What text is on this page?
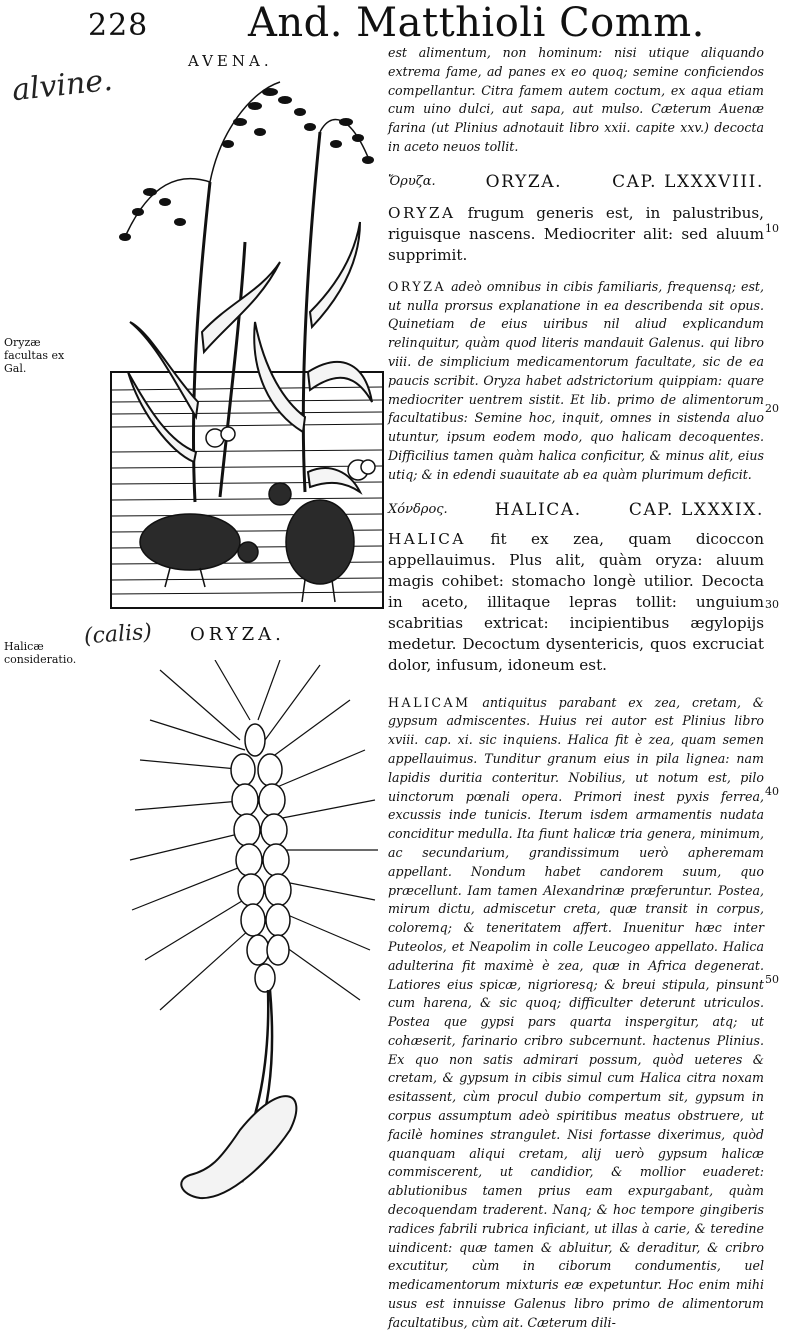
228 And. Matthioli Comm.
alvine.
(calis)
AVENA.
ORYZA.
Oryzæ facultas ex Gal.
Halicæ consideratio.
10
20
30
40
50

est alimentum, non hominum: nisi utique aliquando extrema fame, ad panes ex eo quoq; semine conficiendos compellantur. Citra famem autem coctum, ex aqua etiam cum uino dulci, aut sapa, aut mulso. Cæterum Auenæ farina (ut Plinius adnotauit libro xxii. capite xxv.) decocta in aceto neuos tollit.

Ὄρυζα.	ORYZA.	CAP. LXXXVIII.

ORYZA frugum generis est, in palustribus, riguisque nascens. Mediocriter alit: sed aluum supprimit.

ORYZA adeò omnibus in cibis familiaris, frequensq; est, ut nulla prorsus explanatione in ea describenda sit opus. Quinetiam de eius uiribus nil aliud explicandum relinquitur, quàm quod literis mandauit Galenus. qui libro viii. de simplicium medicamentorum facultate, sic de ea paucis scribit. Oryza habet adstrictorium quippiam: quare mediocriter uentrem sistit. Et lib. primo de alimentorum facultatibus: Semine hoc, inquit, omnes in sistenda aluo utuntur, ipsum eodem modo, quo halicam decoquentes. Difficilius tamen quàm halica conficitur, & minus alit, eius utiq; & in edendi suauitate ab ea quàm plurimum deficit.

Χόνδρος.	HALICA.	CAP. LXXXIX.

HALICA fit ex zea, quam dicoccon appellauimus. Plus alit, quàm oryza: aluum magis cohibet: stomacho longè utilior. Decocta in aceto, illitaque lepras tollit: unguium scabritias extricat: incipientibus ægylopijs medetur. Decoctum dysentericis, quos excruciat dolor, infusum, idoneum est.

HALICAM antiquitus parabant ex zea, cretam, & gypsum admiscentes. Huius rei autor est Plinius libro xviii. cap. xi. sic inquiens. Halica fit è zea, quam semen appellauimus. Tunditur granum eius in pila lignea: nam lapidis duritia conteritur. Nobilius, ut notum est, pilo uinctorum pœnali opera. Primori inest pyxis ferrea, excussis inde tunicis. Iterum isdem armamentis nudata conciditur medulla. Ita fiunt halicæ tria genera, minimum, ac secundarium, grandissimum uerò apheremam appellant. Nondum habet candorem suum, quo præcellunt. Iam tamen Alexandrinæ præferuntur. Postea, mirum dictu, admiscetur creta, quæ transit in corpus, coloremq; & teneritatem affert. Inuenitur hæc inter Puteolos, et Neapolim in colle Leucogeo appellato. Halica adulterina fit maximè è zea, quæ in Africa degenerat. Latiores eius spicæ, nigrioresq; & breui stipula, pinsunt cum harena, & sic quoq; difficulter deterunt utriculos. Postea que gypsi pars quarta inspergitur, atq; ut cohæserit, farinario cribro subcernunt. hactenus Plinius. Ex quo non satis admirari possum, quòd ueteres & cretam, & gypsum in cibis simul cum Halica citra noxam esitassent, cùm procul dubio compertum sit, gypsum in corpus assumptum adeò spiritibus meatus obstruere, ut facilè homines strangulet. Nisi fortasse dixerimus, quòd quanquam aliqui cretam, alij uerò gypsum halicæ commiscerent, ut candidior, & mollior euaderet: ablutionibus tamen prius eam expurgabant, quàm decoquendam traderent. Nanq; & hoc tempore gingiberis radices fabrili rubrica inficiant, ut illas à carie, & teredine uindicent: quæ tamen & abluitur, & deraditur, & cribro excutitur, cùm in ciborum condumentis, uel medicamentorum mixturis eæ expetuntur. Hoc enim mihi usus est innuisse Galenus libro primo de alimentorum facultatibus, cùm ait. Cæterum dili-
